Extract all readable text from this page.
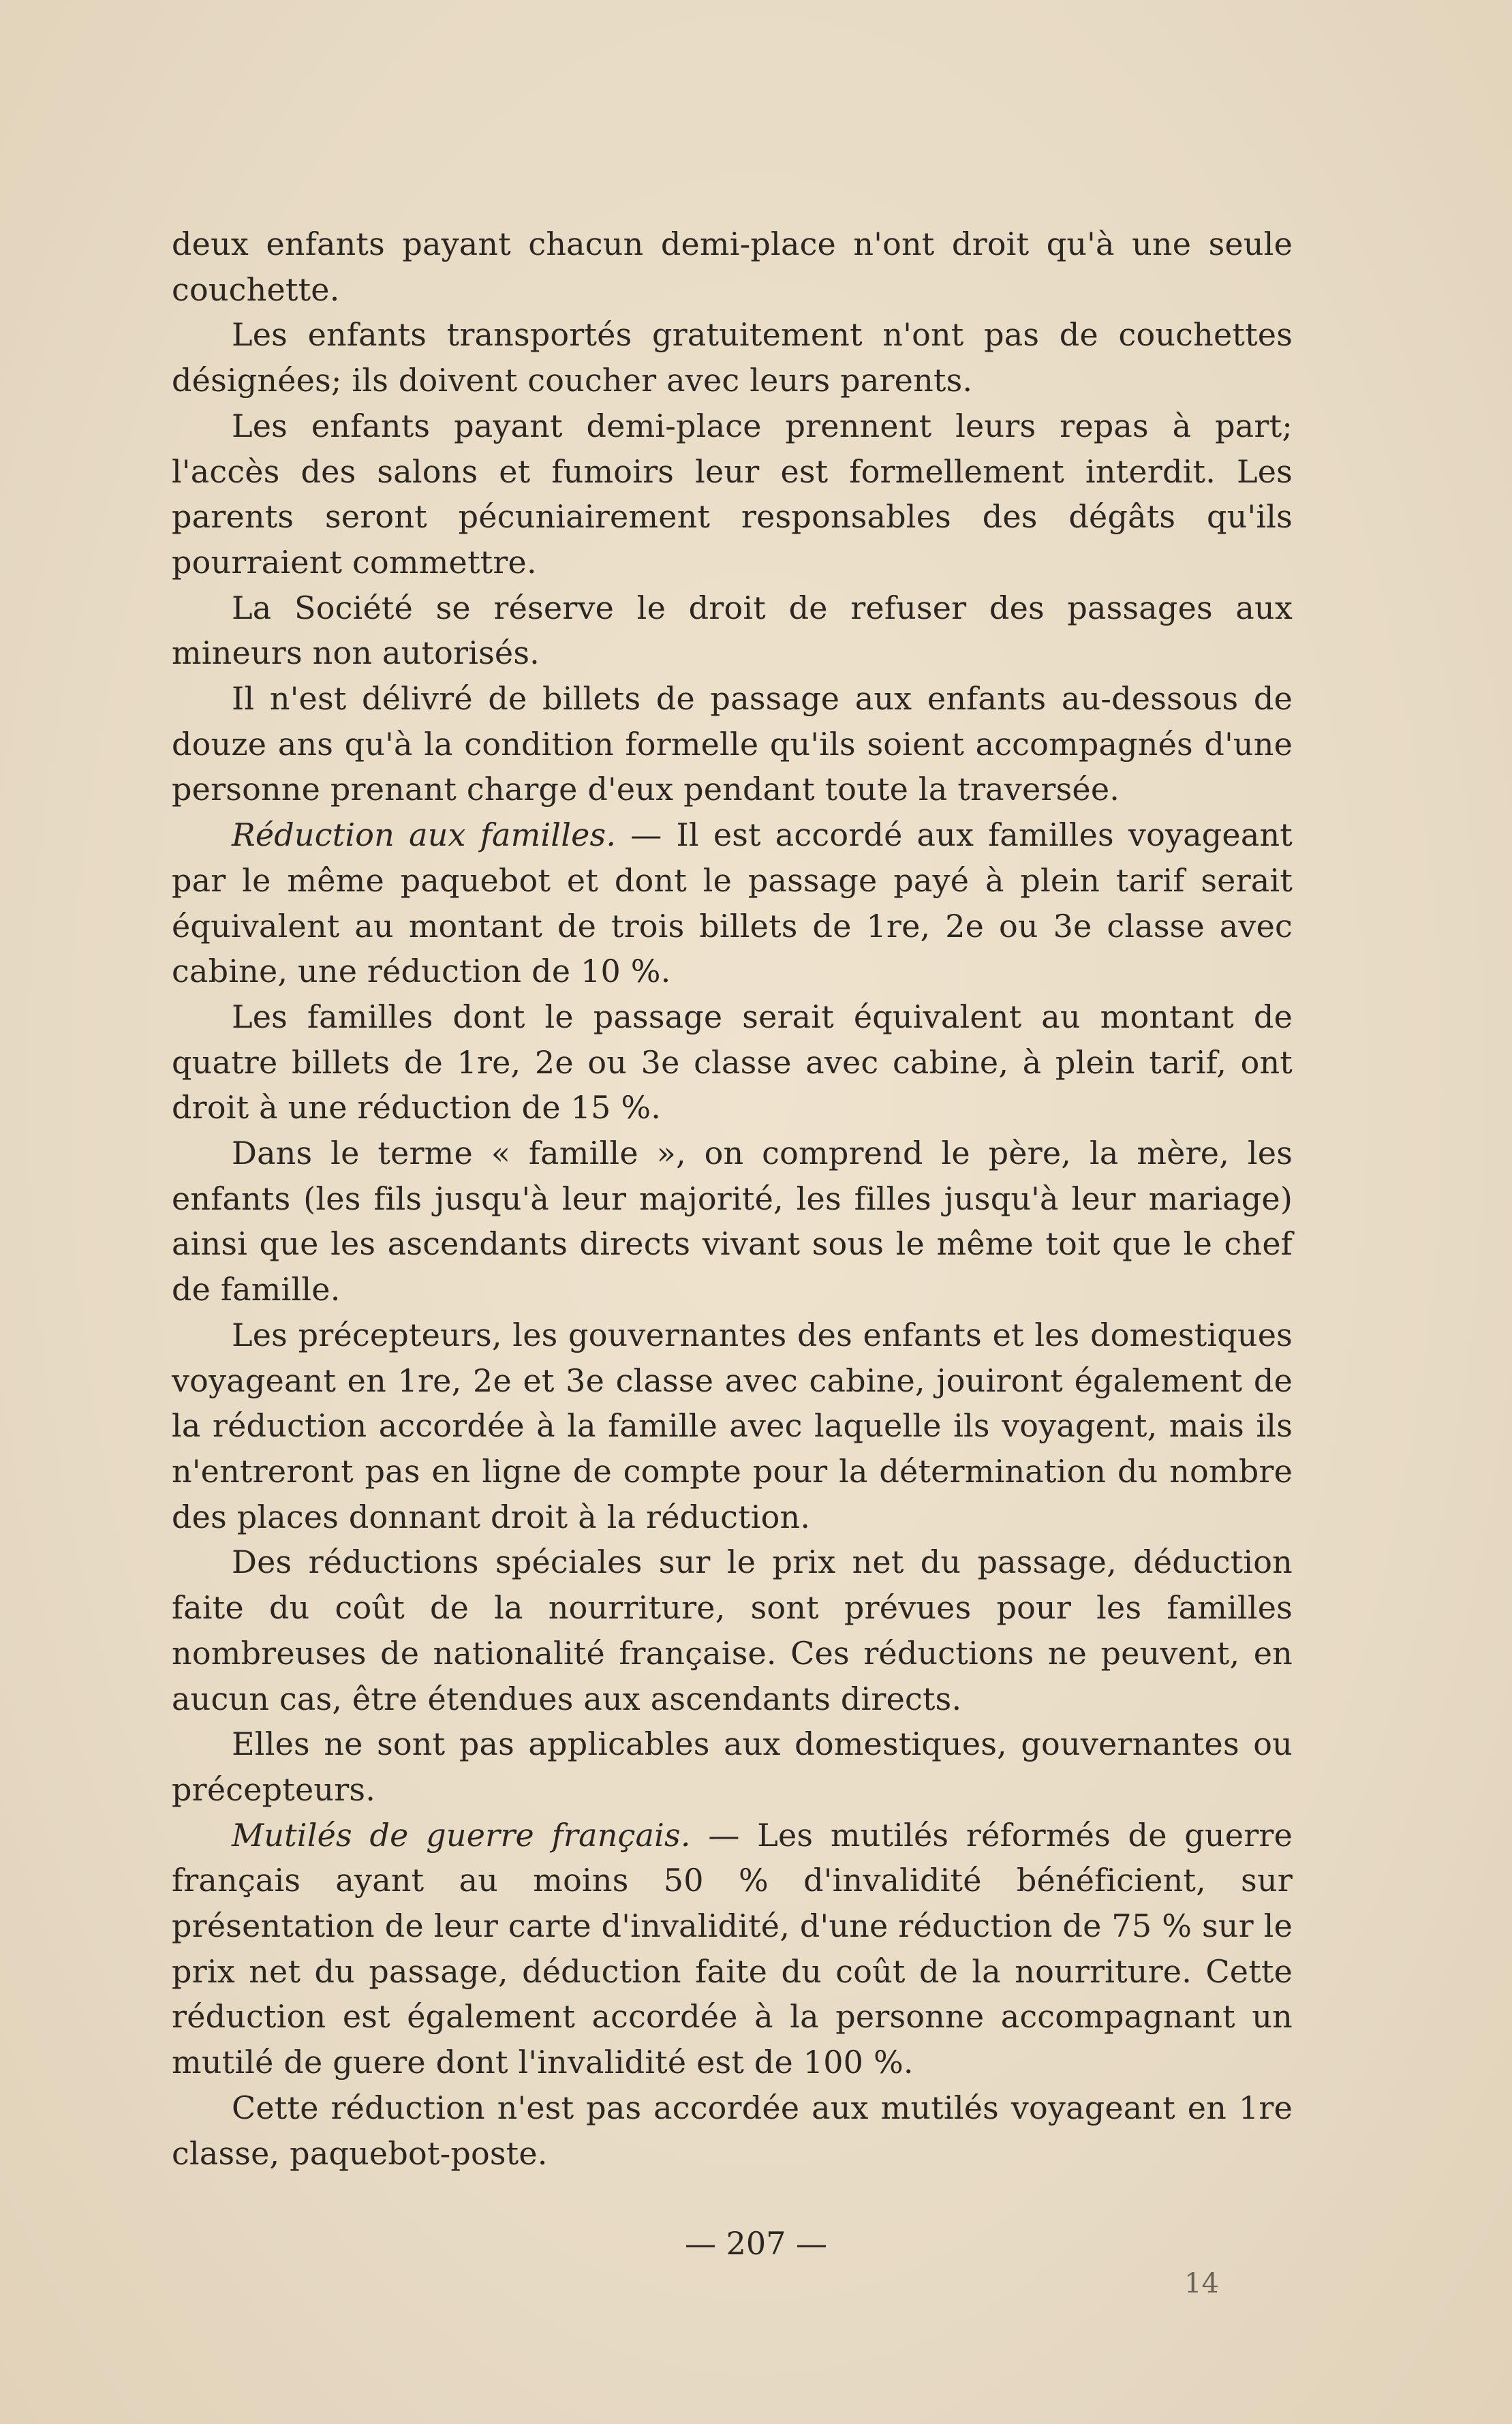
deux enfants payant chacun demi-place n'ont droit qu'à une seule couchette.

Les enfants transportés gratuitement n'ont pas de couchettes désignées; ils doivent coucher avec leurs parents.

Les enfants payant demi-place prennent leurs repas à part; l'accès des salons et fumoirs leur est formellement interdit. Les parents seront pécuniairement responsables des dégâts qu'ils pourraient commettre.

La Société se réserve le droit de refuser des passages aux mineurs non autorisés.

Il n'est délivré de billets de passage aux enfants au-dessous de douze ans qu'à la condition formelle qu'ils soient accompagnés d'une personne prenant charge d'eux pendant toute la traversée.

Réduction aux familles. — Il est accordé aux familles voyageant par le même paquebot et dont le passage payé à plein tarif serait équivalent au montant de trois billets de 1re, 2e ou 3e classe avec cabine, une réduction de 10 %.

Les familles dont le passage serait équivalent au montant de quatre billets de 1re, 2e ou 3e classe avec cabine, à plein tarif, ont droit à une réduction de 15 %.

Dans le terme « famille », on comprend le père, la mère, les enfants (les fils jusqu'à leur majorité, les filles jusqu'à leur mariage) ainsi que les ascendants directs vivant sous le même toit que le chef de famille.

Les précepteurs, les gouvernantes des enfants et les domestiques voyageant en 1re, 2e et 3e classe avec cabine, jouiront également de la réduction accordée à la famille avec laquelle ils voyagent, mais ils n'entreront pas en ligne de compte pour la détermination du nombre des places donnant droit à la réduction.

Des réductions spéciales sur le prix net du passage, déduction faite du coût de la nourriture, sont prévues pour les familles nombreuses de nationalité française. Ces réductions ne peuvent, en aucun cas, être étendues aux ascendants directs.

Elles ne sont pas applicables aux domestiques, gouvernantes ou précepteurs.

Mutilés de guerre français. — Les mutilés réformés de guerre français ayant au moins 50 % d'invalidité bénéficient, sur présentation de leur carte d'invalidité, d'une réduction de 75 % sur le prix net du passage, déduction faite du coût de la nourriture. Cette réduction est également accordée à la personne accompagnant un mutilé de guere dont l'invalidité est de 100 %.

Cette réduction n'est pas accordée aux mutilés voyageant en 1re classe, paquebot-poste.

— 207 —
14
